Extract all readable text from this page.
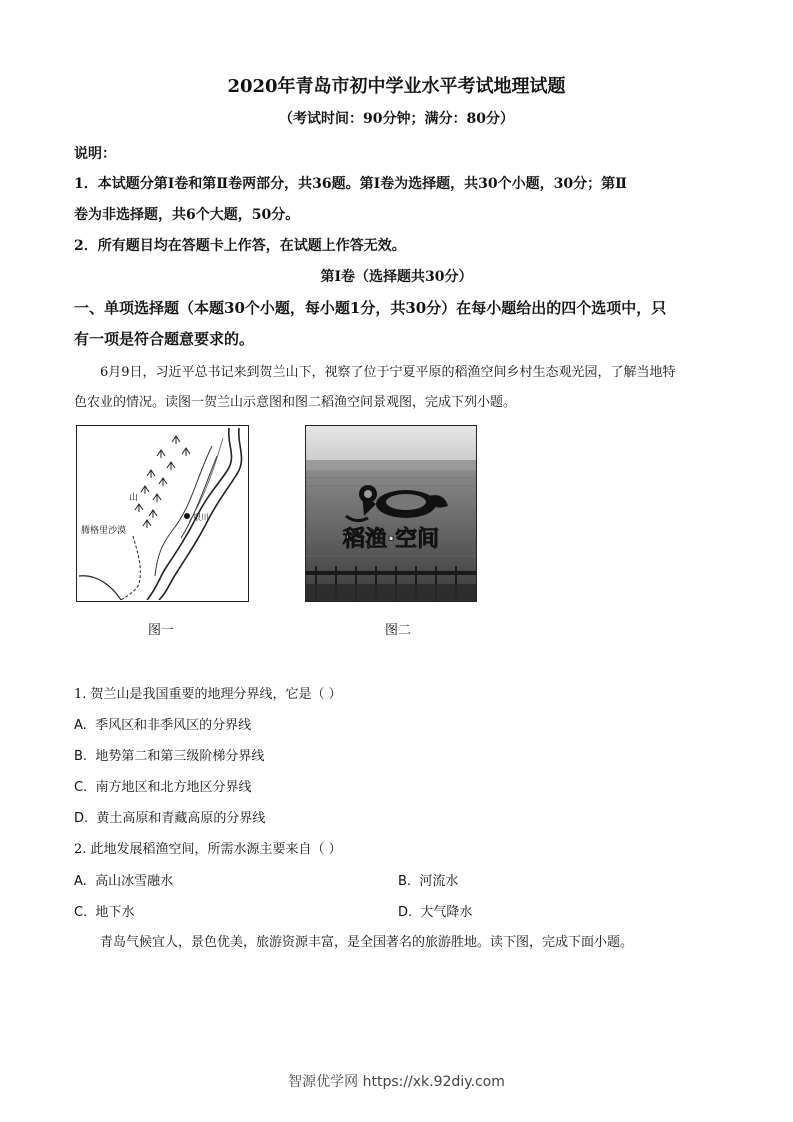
2020年青岛市初中学业水平考试地理试题
（考试时间：90分钟；满分：80分）
说明：
1．本试题分第Ⅰ卷和第Ⅱ卷两部分，共36题。第Ⅰ卷为选择题，共30个小题，30分；第Ⅱ
卷为非选择题，共6个大题，50分。
2．所有题目均在答题卡上作答，在试题上作答无效。
第Ⅰ卷（选择题共30分）
一、单项选择题（本题30个小题，每小题1分，共30分）在每小题给出的四个选项中，只
有一项是符合题意要求的。
6月9日，习近平总书记来到贺兰山下，视察了位于宁夏平原的稻渔空间乡村生态观光园，了解当地特
色农业的情况。读图一贺兰山示意图和图二稻渔空间景观图，完成下列小题。
银川
山
腾格里沙漠
图一
稻渔·空间
图二
1. 贺兰山是我国重要的地理分界线，它是（ ）
A. 季风区和非季风区的分界线
B. 地势第二和第三级阶梯分界线
C. 南方地区和北方地区分界线
D. 黄土高原和青藏高原的分界线
2. 此地发展稻渔空间，所需水源主要来自（ ）
A. 高山冰雪融水	B. 河流水
C. 地下水	D. 大气降水
青岛气候宜人，景色优美，旅游资源丰富，是全国著名的旅游胜地。读下图，完成下面小题。
智源优学网 https://xk.92diy.com
